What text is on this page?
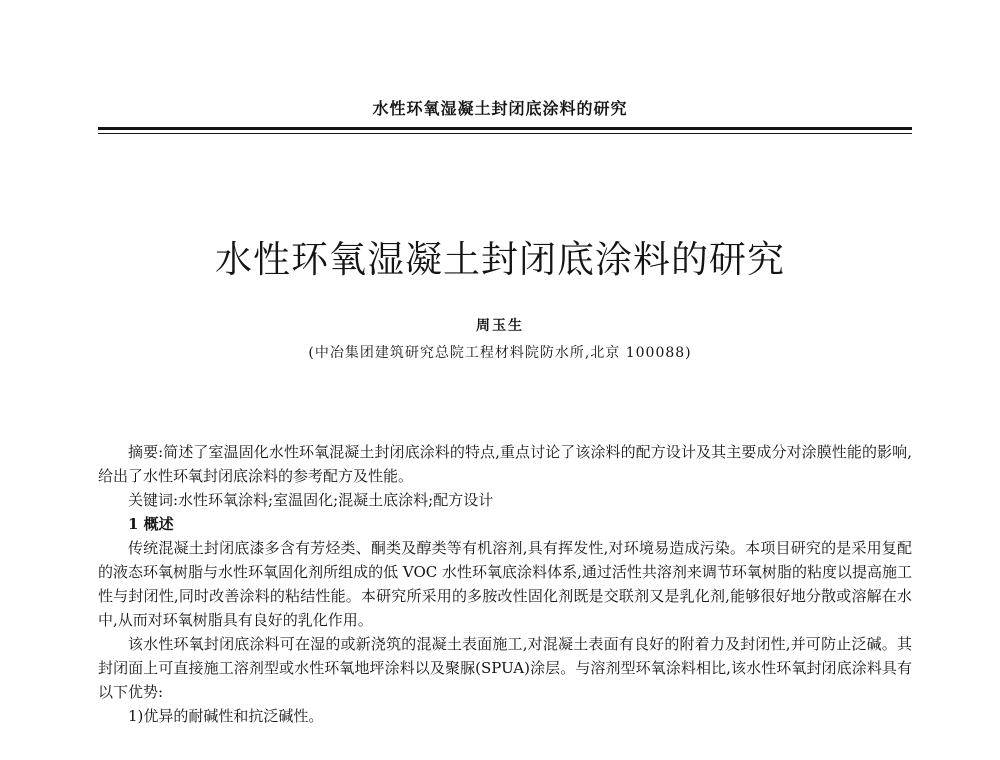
水性环氧湿凝土封闭底涂料的研究
水性环氧湿凝土封闭底涂料的研究
周玉生
(中冶集团建筑研究总院工程材料院防水所,北京 100088)

摘要:简述了室温固化水性环氧混凝土封闭底涂料的特点,重点讨论了该涂料的配方设计及其主要成分对涂膜性能的影响,给出了水性环氧封闭底涂料的参考配方及性能。

关键词:水性环氧涂料;室温固化;混凝土底涂料;配方设计

1 概述

传统混凝土封闭底漆多含有芳烃类、酮类及醇类等有机溶剂,具有挥发性,对环境易造成污染。本项目研究的是采用复配的液态环氧树脂与水性环氧固化剂所组成的低 VOC 水性环氧底涂料体系,通过活性共溶剂来调节环氧树脂的粘度以提高施工性与封闭性,同时改善涂料的粘结性能。本研究所采用的多胺改性固化剂既是交联剂又是乳化剂,能够很好地分散或溶解在水中,从而对环氧树脂具有良好的乳化作用。

该水性环氧封闭底涂料可在湿的或新浇筑的混凝土表面施工,对混凝土表面有良好的附着力及封闭性,并可防止泛碱。其封闭面上可直接施工溶剂型或水性环氧地坪涂料以及聚脲(SPUA)涂层。与溶剂型环氧涂料相比,该水性环氧封闭底涂料具有以下优势:

1)优异的耐碱性和抗泛碱性。
